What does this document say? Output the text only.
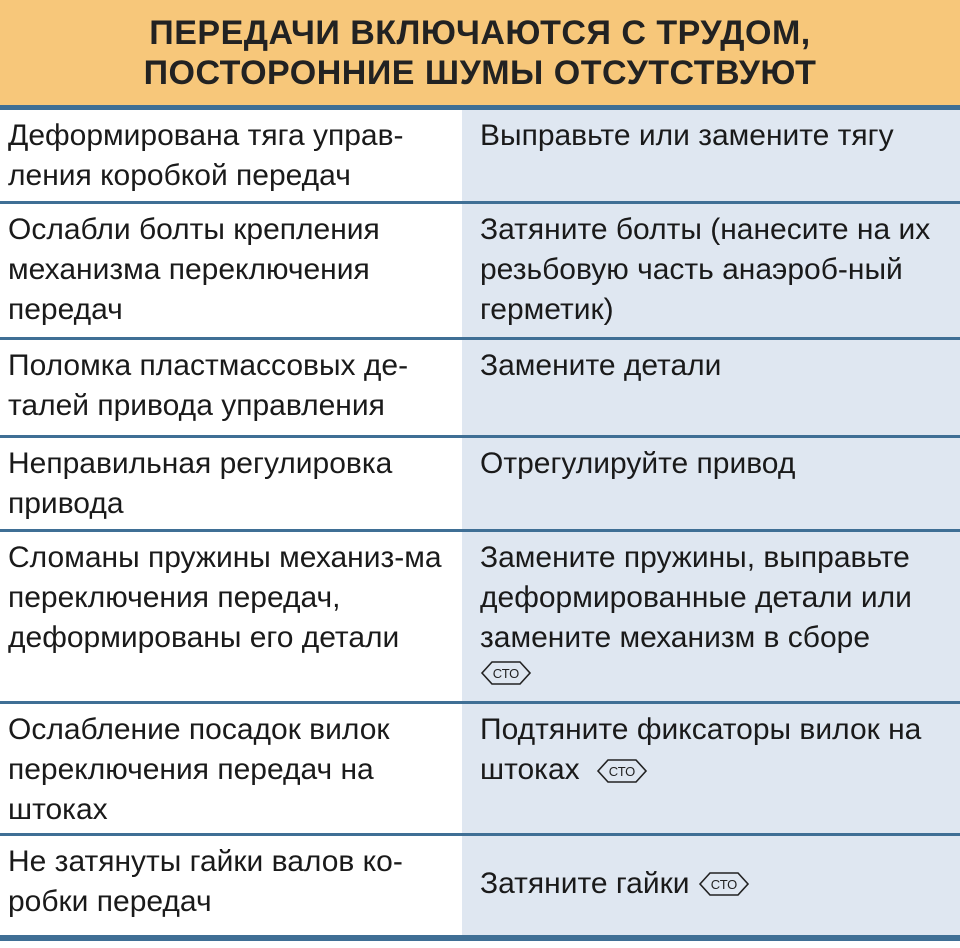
ПЕРЕДАЧИ ВКЛЮЧАЮТСЯ С ТРУДОМ,
ПОСТОРОННИЕ ШУМЫ ОТСУТСТВУЮТ
Деформирована тяга управ-ления коробкой передач
Выправьте или замените тягу
Ослабли болты крепления механизма переключения передач
Затяните болты (нанесите на их резьбовую часть анаэроб-ный герметик)
Поломка пластмассовых де-талей привода управления
Замените детали
Неправильная регулировка привода
Отрегулируйте привод
Сломаны пружины механиз-ма переключения передач, деформированы его детали
Замените пружины, выправьте деформированные детали или замените механизм в сборе
СТО
Ослабление посадок вилок переключения передач на штоках
Подтяните фиксаторы вилок на штоках СТО
Не затянуты гайки валов ко-робки передач
Затяните гайки СТО
